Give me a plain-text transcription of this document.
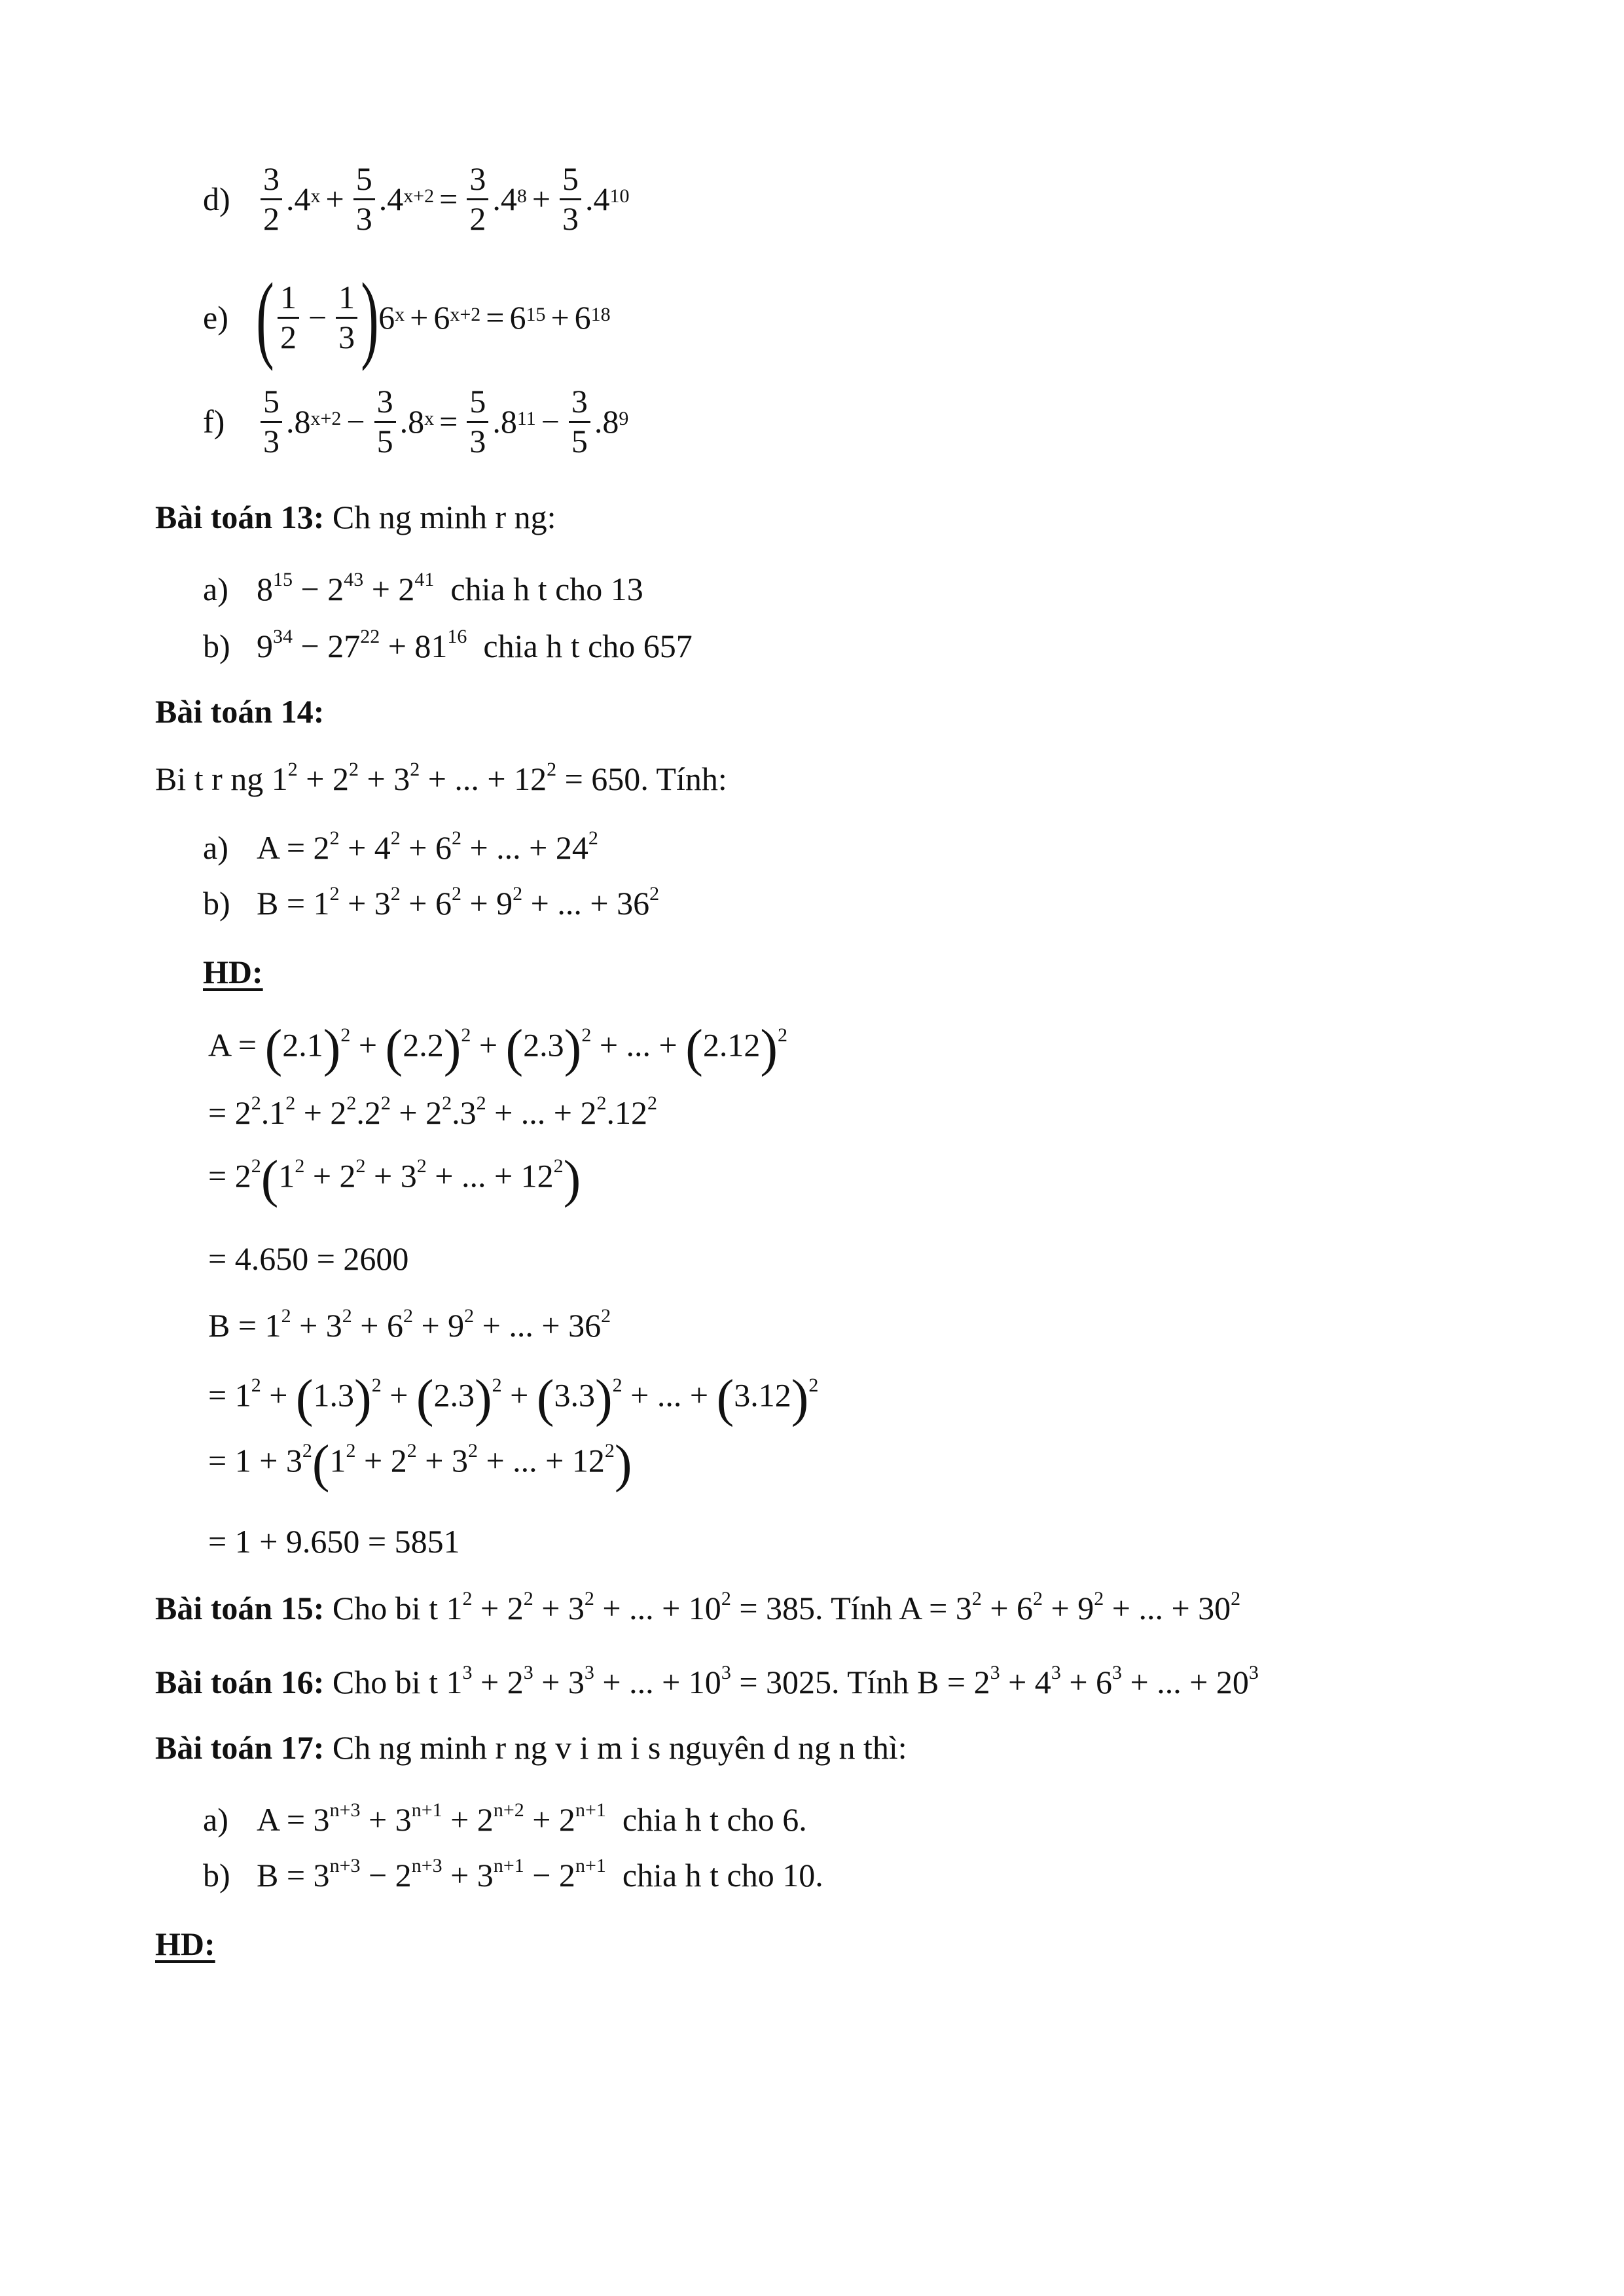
$d) \frac{3}{2} .4^x + \frac{5}{3} .4^{x+2} = \frac{3}{2} .4^8 + \frac{5}{3} .4^{10}$
e) ( $\frac{1}{2} - \frac{1}{3}$ ) $6^x + 6^{x+2} = 6^{15} + 6^{18}$
f)	$\frac{5}{3} .8^{x+2} - \frac{3}{5} .8^x = \frac{5}{3} .8^{11} - \frac{3}{5} .8^9$
Bài toán 13: Ch ng minh r ng:
a) $8^{15} - 2^{43} + 2^{41}$ chia h t cho 13
b) $9^{34} - 27^{22} + 81^{16}$ chia h t cho 657
Bài toán 14:
Bi t r ng $1^2 + 2^2 + 3^2$ + ... + $12^2 = 650$. Tính:
a) $A = 2^2 + 4^2 + 6^2$ + ... + $24^2$
b) $B = 1^2 + 3^2 + 6^2 + 9^2$ + ... + $36^2$
HD:
$A = (2.1)^2 + (2.2)^2 + (2.3)^2$ + ... + $(2.12)^2$
= $2^2.1^2 + 2^2.2^2 + 2^2.3^2$ + ... + $2^2.12^2$
= $2^2(1^2 + 2^2 + 3^2$ + ... + $12^2$)
= 4.650 = 2600
$B = 1^2 + 3^2 + 6^2 + 9^2$ + ... + $36^2$
= $1^2 + (1.3)^2 + (2.3)^2 + (3.3)^2$ + ... + $(3.12)^2$
= $1 + 3^2(1^2 + 2^2 + 3^2$ + ... + $12^2$)
= 1 + 9.650 = 5851
Bài toán 15: Cho bi t $1^2 + 2^2 + 3^2$ + ... + $10^2 = 385$. Tính $A = 3^2 + 6^2 + 9^2$ + ... + $30^2$
Bài toán 16: Cho bi t $1^3 + 2^3 + 3^3$ + ... + $10^3 = 3025$. Tính $B = 2^3 + 4^3 + 6^3$ + ... + $20^3$
Bài toán 17: Ch ng minh r ng v i m i s nguyên d ng n thì:
a) $A = 3^{n+3} + 3^{n+1} + 2^{n+2} + 2^{n+1}$ chia h t cho 6.
b) $B = 3^{n+3} - 2^{n+3} + 3^{n+1} - 2^{n+1}$ chia h t cho 10.
HD:
